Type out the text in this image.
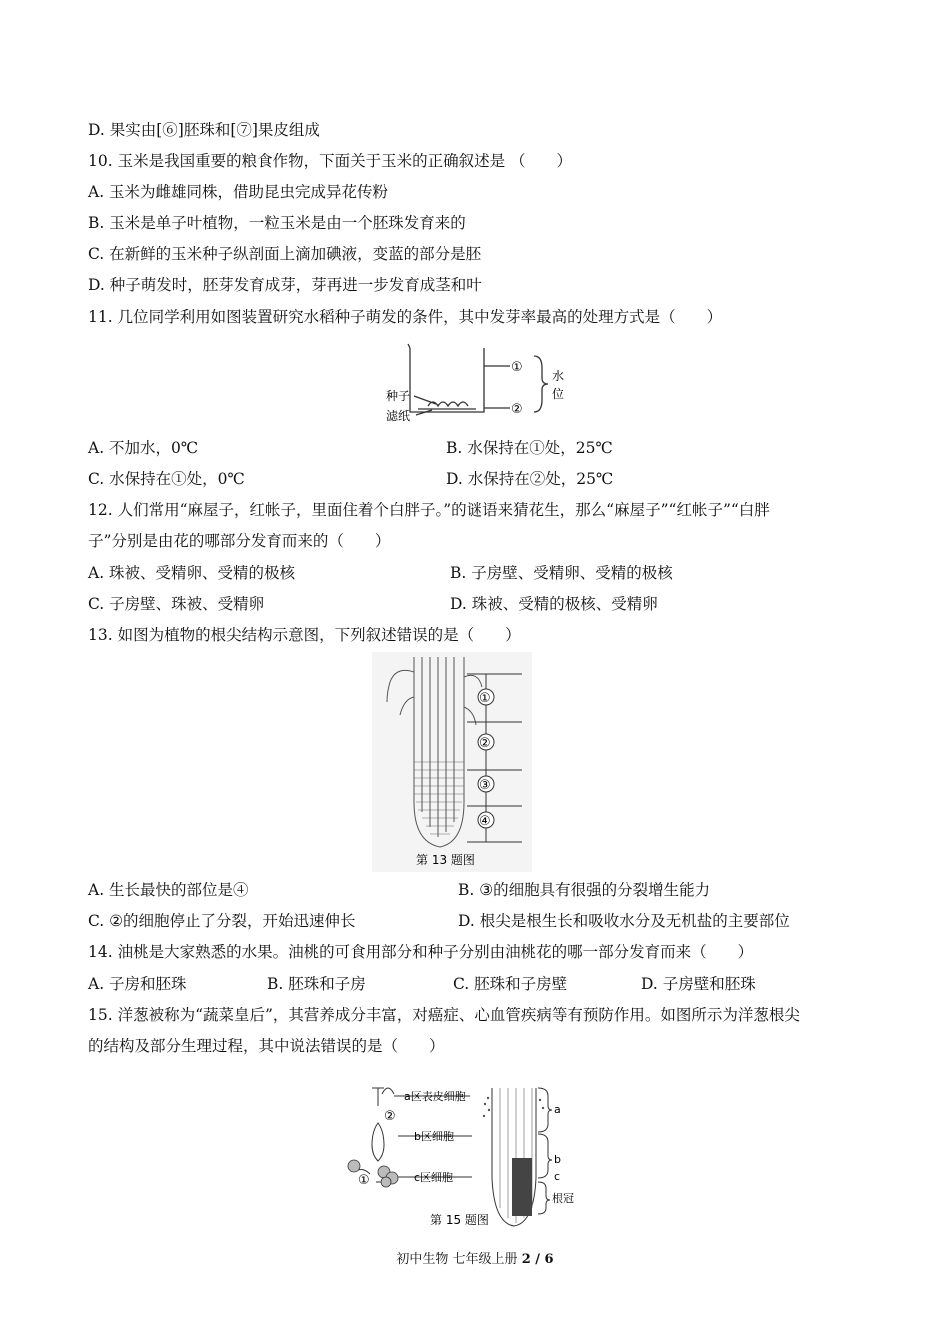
D. 果实由[⑥]胚珠和[⑦]果皮组成
10. 玉米是我国重要的粮食作物，下面关于玉米的正确叙述是 （　　）
A. 玉米为雌雄同株，借助昆虫完成异花传粉
B. 玉米是单子叶植物，一粒玉米是由一个胚珠发育来的
C. 在新鲜的玉米种子纵剖面上滴加碘液，变蓝的部分是胚
D. 种子萌发时，胚芽发育成芽，芽再进一步发育成茎和叶
11. 几位同学利用如图装置研究水稻种子萌发的条件，其中发芽率最高的处理方式是（　　）
种子
滤纸
①
②
水
位
A. 不加水，0℃	B. 水保持在①处，25℃
C. 水保持在①处，0℃	D. 水保持在②处，25℃
12. 人们常用“麻屋子，红帐子，里面住着个白胖子。”的谜语来猜花生，那么“麻屋子”“红帐子”“白胖
子”分别是由花的哪部分发育而来的（　　）
A. 珠被、受精卵、受精的极核	B. 子房壁、受精卵、受精的极核
C. 子房壁、珠被、受精卵	D. 珠被、受精的极核、受精卵
13. 如图为植物的根尖结构示意图，下列叙述错误的是（　　）
①
②
③
④
第 13 题图
A. 生长最快的部位是④	B. ③的细胞具有很强的分裂增生能力
C. ②的细胞停止了分裂，开始迅速伸长	D. 根尖是根生长和吸收水分及无机盐的主要部位
14. 油桃是大家熟悉的水果。油桃的可食用部分和种子分别由油桃花的哪一部分发育而来（　　）
A. 子房和胚珠	B. 胚珠和子房	C. 胚珠和子房壁	D. 子房壁和胚珠
15. 洋葱被称为“蔬菜皇后”，其营养成分丰富，对癌症、心血管疾病等有预防作用。如图所示为洋葱根尖
的结构及部分生理过程，其中说法错误的是（　　）
a区表皮细胞
b区细胞
c区细胞
②
①
a
b
c
根冠
第 15 题图
初中生物 七年级上册 2 / 6
